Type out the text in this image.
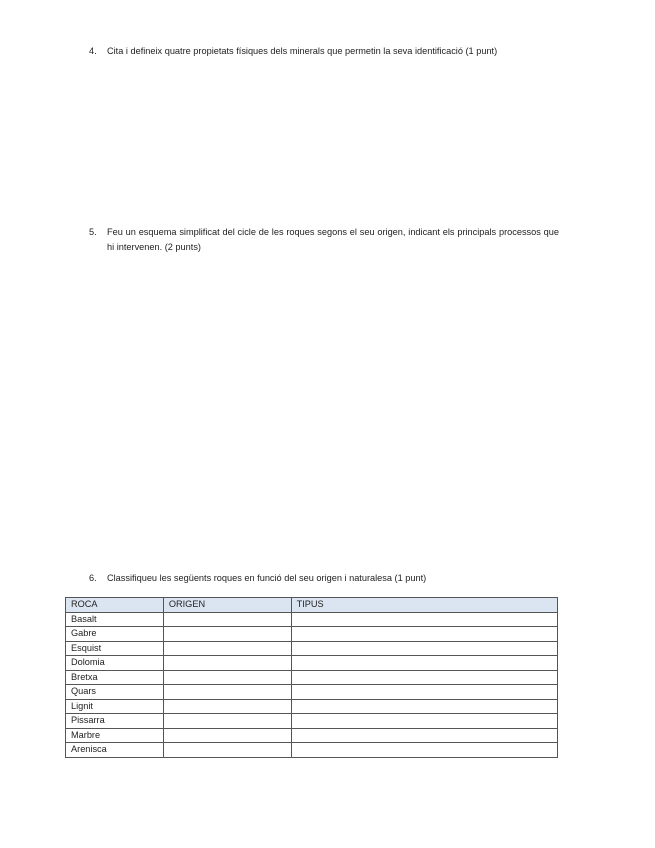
4. Cita i defineix quatre propietats físiques dels minerals que permetin la seva identificació (1 punt)
5. Feu un esquema simplificat del cicle de les roques segons el seu origen, indicant els principals processos que hi intervenen. (2 punts)
6. Classifiqueu les següents roques en funció del seu origen i naturalesa (1 punt)
ROCA	ORIGEN	TIPUS
Basalt		
Gabre		
Esquist		
Dolomia		
Bretxa		
Quars		
Lignit		
Pissarra		
Marbre		
Arenisca		
